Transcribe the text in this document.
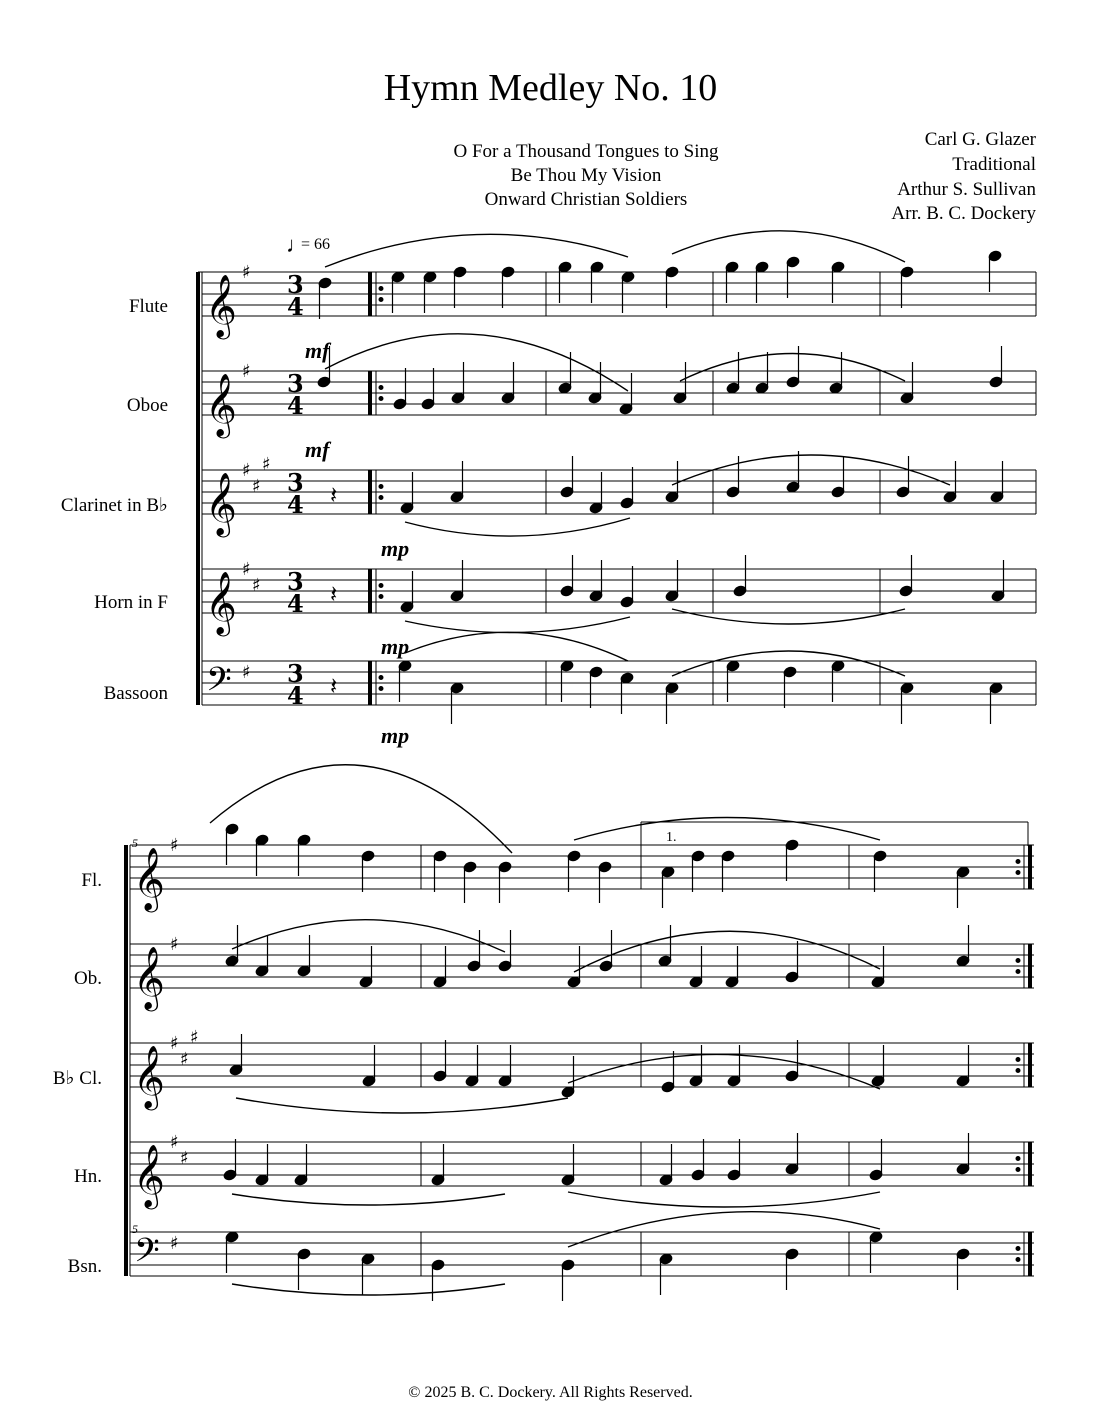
Hymn Medley No. 10
O For a Thousand Tongues to Sing
Be Thou My Vision
Onward Christian Soldiers
Carl G. Glazer
Traditional
Arthur S. Sullivan
Arr. B. C. Dockery
♩
= 66
Flute
Oboe
Clarinet in B♭
Horn in F
Bassoon
Fl.
Ob.
B♭ Cl.
Hn.
Bsn.
mf
mf
mp
mp
mp
5
5
1.
© 2025 B. C. Dockery. All Rights Reserved.
𝄞
♯ 3
4
𝄞
♯ 3
4
𝄞
♯
♯
♯
3
4
𝄞
♯
♯ 3
4
𝄢 ♯ 3
4
𝄞
♯
𝄞
♯
𝄞
♯
♯
♯
𝄞
♯
♯
𝄢 ♯
𝄽
𝄽
𝄽
